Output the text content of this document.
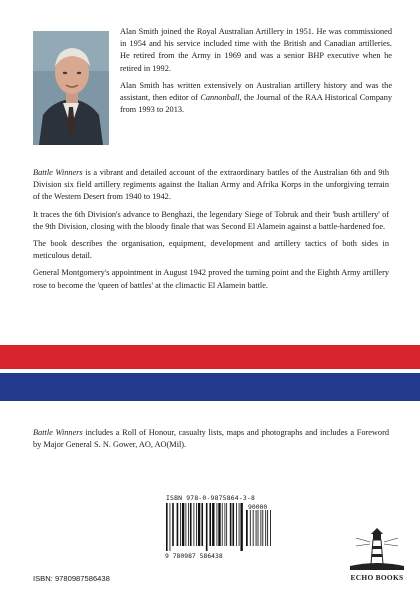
Alan Smith joined the Royal Australian Artillery in 1951. He was commissioned in 1954 and his service included time with the British and Canadian artilleries. He retired from the Army in 1969 and was a senior BHP executive when he retired in 1992.

Alan Smith has written extensively on Australian artillery history and was the assistant, then editor of Cannonball, the Journal of the RAA Historical Company from 1993 to 2013.

Battle Winners is a vibrant and detailed account of the extraordinary battles of the Australian 6th and 9th Division six field artillery regiments against the Italian Army and Afrika Korps in the unforgiving terrain of the Western Desert from 1940 to 1942.

It traces the 6th Division's advance to Benghazi, the legendary Siege of Tobruk and their 'bush artillery' of the 9th Division, closing with the bloody finale that was Second El Alamein against a battle-hardened foe.

The book describes the organisation, equipment, development and artillery tactics of both sides in meticulous detail.

General Montgomery's appointment in August 1942 proved the turning point and the Eighth Army artillery rose to become the 'queen of battles' at the climactic El Alamein battle.

Battle Winners includes a Roll of Honour, casualty lists, maps and photographs and includes a Foreword by Major General S. N. Gower, AO, AO(Mil).

ISBN 978-0-9875864-3-8
90000
9 780987 586438
ISBN: 9780987586438	ECHO BOOKS
